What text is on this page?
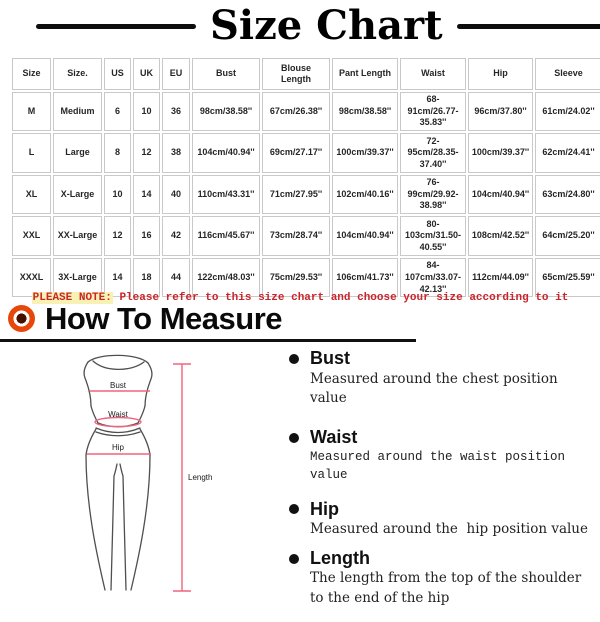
Size Chart
Size	Size.	US	UK	EU	Bust	Blouse Length	Pant Length	Waist	Hip	Sleeve
M	Medium	6	10	36	98cm/38.58''	67cm/26.38''	98cm/38.58''	68-91cm/26.77-35.83''	96cm/37.80''	61cm/24.02''
L	Large	8	12	38	104cm/40.94''	69cm/27.17''	100cm/39.37''	72-95cm/28.35-37.40''	100cm/39.37''	62cm/24.41''
XL	X-Large	10	14	40	110cm/43.31''	71cm/27.95''	102cm/40.16''	76-99cm/29.92-38.98''	104cm/40.94''	63cm/24.80''
XXL	XX-Large	12	16	42	116cm/45.67''	73cm/28.74''	104cm/40.94''	80-103cm/31.50-40.55''	108cm/42.52''	64cm/25.20''
XXXL	3X-Large	14	18	44	122cm/48.03''	75cm/29.53''	106cm/41.73''	84-107cm/33.07-42.13''	112cm/44.09''	65cm/25.59''
PLEASE NOTE: Please refer to this size chart and choose your size according to it
How To Measure
Bust
Waist
Hip
Length
Bust
Measured around the chest position value
Waist
Measured around the waist position value
Hip
Measured around the  hip position value
Length
The length from the top of the shoulder to the end of the hip
